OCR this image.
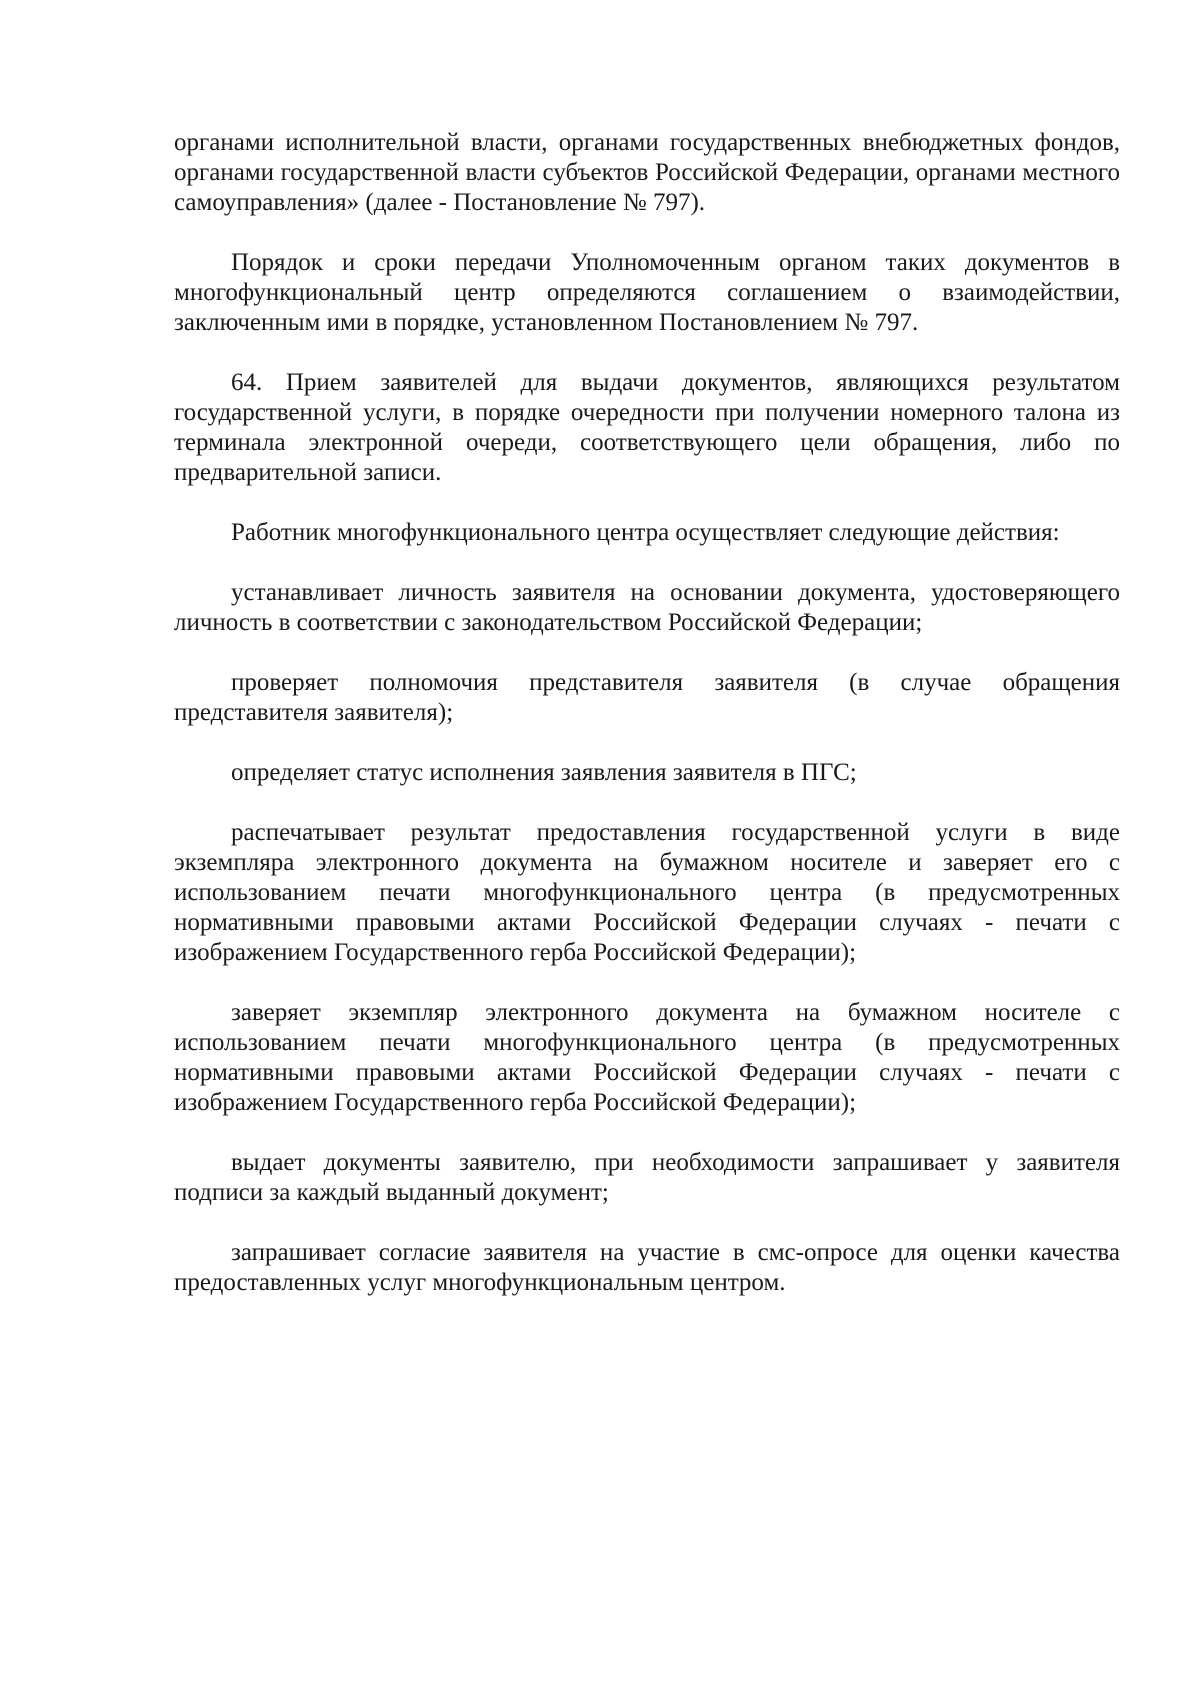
органами исполнительной власти, органами государственных внебюджетных фондов, органами государственной власти субъектов Российской Федерации, органами местного самоуправления» (далее - Постановление № 797).

Порядок и сроки передачи Уполномоченным органом таких документов в многофункциональный центр определяются соглашением о взаимодействии, заключенным ими в порядке, установленном Постановлением № 797.

64. Прием заявителей для выдачи документов, являющихся результатом государственной услуги, в порядке очередности при получении номерного талона из терминала электронной очереди, соответствующего цели обращения, либо по предварительной записи.

Работник многофункционального центра осуществляет следующие действия:

устанавливает личность заявителя на основании документа, удостоверяющего личность в соответствии с законодательством Российской Федерации;

проверяет полномочия представителя заявителя (в случае обращения представителя заявителя);

определяет статус исполнения заявления заявителя в ПГС;

распечатывает результат предоставления государственной услуги в виде экземпляра электронного документа на бумажном носителе и заверяет его с использованием печати многофункционального центра (в предусмотренных нормативными правовыми актами Российской Федерации случаях - печати с изображением Государственного герба Российской Федерации);

заверяет экземпляр электронного документа на бумажном носителе с использованием печати многофункционального центра (в предусмотренных нормативными правовыми актами Российской Федерации случаях - печати с изображением Государственного герба Российской Федерации);

выдает документы заявителю, при необходимости запрашивает у заявителя подписи за каждый выданный документ;

запрашивает согласие заявителя на участие в смс-опросе для оценки качества предоставленных услуг многофункциональным центром.
